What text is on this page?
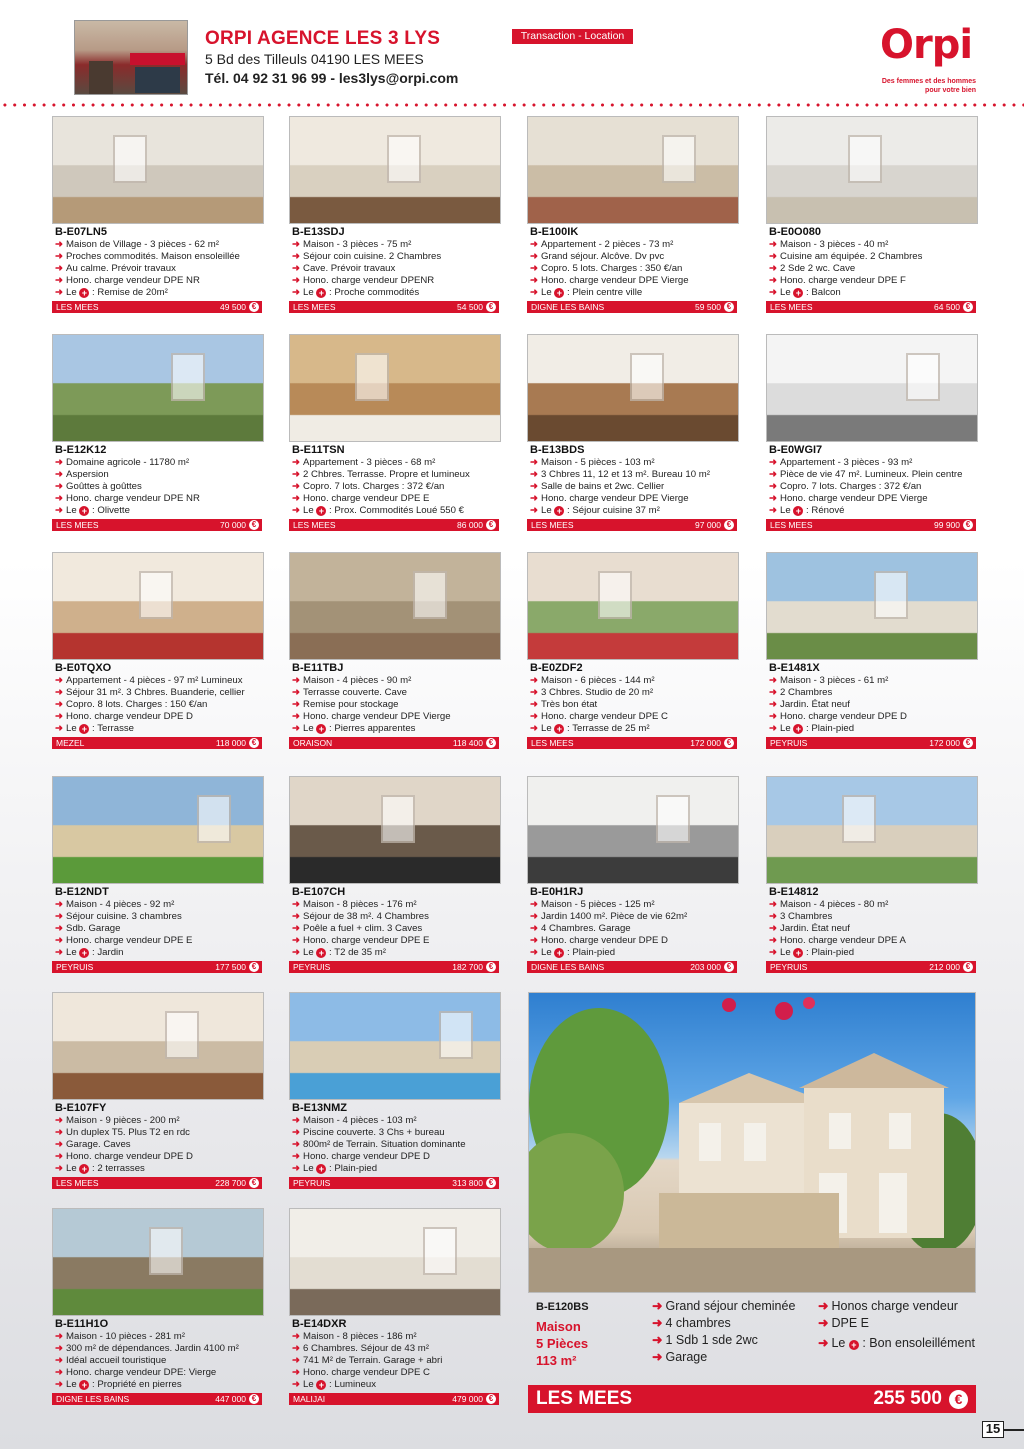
ORPI AGENCE LES 3 LYS
5 Bd des Tilleuls 04190 LES MEES
Tél. 04 92 31 96 99 - les3lys@orpi.com
Transaction - Location	Orpi
Des femmes et des hommes
pour votre bien
B-E07LN5
➜ Maison de Village - 3 pièces - 62 m²
➜ Proches commodités. Maison ensoleillée
➜ Au calme. Prévoir travaux
➜ Hono. charge vendeur DPE NR
➜ Le + : Remise de 20m²
LES MEES	49 500 €
B-E13SDJ
➜ Maison - 3 pièces - 75 m²
➜ Séjour coin cuisine. 2 Chambres
➜ Cave. Prévoir travaux
➜ Hono. charge vendeur DPENR
➜ Le + : Proche commodités
LES MEES	54 500 €
B-E100IK
➜ Appartement - 2 pièces - 73 m²
➜ Grand séjour. Alcôve. Dv pvc
➜ Copro. 5 lots. Charges : 350 €/an
➜ Hono. charge vendeur DPE Vierge
➜ Le + : Plein centre ville
DIGNE LES BAINS	59 500 €
B-E0O080
➜ Maison - 3 pièces - 40 m²
➜ Cuisine am équipée. 2 Chambres
➜ 2 Sde 2 wc. Cave
➜ Hono. charge vendeur DPE F
➜ Le + : Balcon
LES MEES	64 500 €
B-E12K12
➜ Domaine agricole - 11780 m²
➜ Aspersion
➜ Goûttes à goûttes
➜ Hono. charge vendeur DPE NR
➜ Le + : Olivette
LES MEES	70 000 €
B-E11TSN
➜ Appartement - 3 pièces - 68 m²
➜ 2 Chbres. Terrasse. Propre et lumineux
➜ Copro. 7 lots. Charges : 372 €/an
➜ Hono. charge vendeur DPE E
➜ Le + : Prox. Commodités Loué 550 €
LES MEES	86 000 €
B-E13BDS
➜ Maison - 5 pièces - 103 m²
➜ 3 Chbres 11, 12 et 13 m². Bureau 10 m²
➜ Salle de bains et 2wc. Cellier
➜ Hono. charge vendeur DPE Vierge
➜ Le + : Séjour cuisine 37 m²
LES MEES	97 000 €
B-E0WGI7
➜ Appartement - 3 pièces - 93 m²
➜ Pièce de vie 47 m². Lumineux. Plein centre
➜ Copro. 7 lots. Charges : 372 €/an
➜ Hono. charge vendeur DPE Vierge
➜ Le + : Rénové
LES MEES	99 900 €
B-E0TQXO
➜ Appartement - 4 pièces - 97 m² Lumineux
➜ Séjour 31 m². 3 Chbres. Buanderie, cellier
➜ Copro. 8 lots. Charges : 150 €/an
➜ Hono. charge vendeur DPE D
➜ Le + : Terrasse
MEZEL	118 000 €
B-E11TBJ
➜ Maison - 4 pièces - 90 m²
➜ Terrasse couverte. Cave
➜ Remise pour stockage
➜ Hono. charge vendeur DPE Vierge
➜ Le + : Pierres apparentes
ORAISON	118 400 €
B-E0ZDF2
➜ Maison - 6 pièces - 144 m²
➜ 3 Chbres. Studio de 20 m²
➜ Très bon état
➜ Hono. charge vendeur DPE C
➜ Le + : Terrasse de 25 m²
LES MEES	172 000 €
B-E1481X
➜ Maison - 3 pièces - 61 m²
➜ 2 Chambres
➜ Jardin. État neuf
➜ Hono. charge vendeur DPE D
➜ Le + : Plain-pied
PEYRUIS	172 000 €
B-E12NDT
➜ Maison - 4 pièces - 92 m²
➜ Séjour cuisine. 3 chambres
➜ Sdb. Garage
➜ Hono. charge vendeur DPE E
➜ Le + : Jardin
PEYRUIS	177 500 €
B-E107CH
➜ Maison - 8 pièces - 176 m²
➜ Séjour de 38 m². 4 Chambres
➜ Poêle a fuel + clim. 3 Caves
➜ Hono. charge vendeur DPE E
➜ Le + : T2 de 35 m²
PEYRUIS	182 700 €
B-E0H1RJ
➜ Maison - 5 pièces - 125 m²
➜ Jardin 1400 m². Pièce de vie 62m²
➜ 4 Chambres. Garage
➜ Hono. charge vendeur DPE D
➜ Le + : Plain-pied
DIGNE LES BAINS	203 000 €
B-E14812
➜ Maison - 4 pièces - 80 m²
➜ 3 Chambres
➜ Jardin. État neuf
➜ Hono. charge vendeur DPE A
➜ Le + : Plain-pied
PEYRUIS	212 000 €
B-E107FY
➜ Maison - 9 pièces - 200 m²
➜ Un duplex T5. Plus T2 en rdc
➜ Garage. Caves
➜ Hono. charge vendeur DPE D
➜ Le + : 2 terrasses
LES MEES	228 700 €
B-E13NMZ
➜ Maison - 4 pièces - 103 m²
➜ Piscine couverte. 3 Chs + bureau
➜ 800m² de Terrain. Situation dominante
➜ Hono. charge vendeur DPE D
➜ Le + : Plain-pied
PEYRUIS	313 800 €
B-E11H1O
➜ Maison - 10 pièces - 281 m²
➜ 300 m² de dépendances. Jardin 4100 m²
➜ Idéal accueil touristique
➜ Hono. charge vendeur DPE: Vierge
➜ Le + : Propriété en pierres
DIGNE LES BAINS	447 000 €
B-E14DXR
➜ Maison - 8 pièces - 186 m²
➜ 6 Chambres. Séjour de 43 m²
➜ 741 M² de Terrain. Garage + abri
➜ Hono. charge vendeur DPE C
➜ Le + : Lumineux
MALIJAI	479 000 €
B-E120BS
Maison
5 Pièces
113 m²
➜ Grand séjour cheminée
➜ 4 chambres
➜ 1 Sdb 1 sde 2wc
➜ Garage
➜ Honos charge vendeur
➜ DPE E
➜ Le + : Bon ensoleillément
LES MEES	255 500 €
15
